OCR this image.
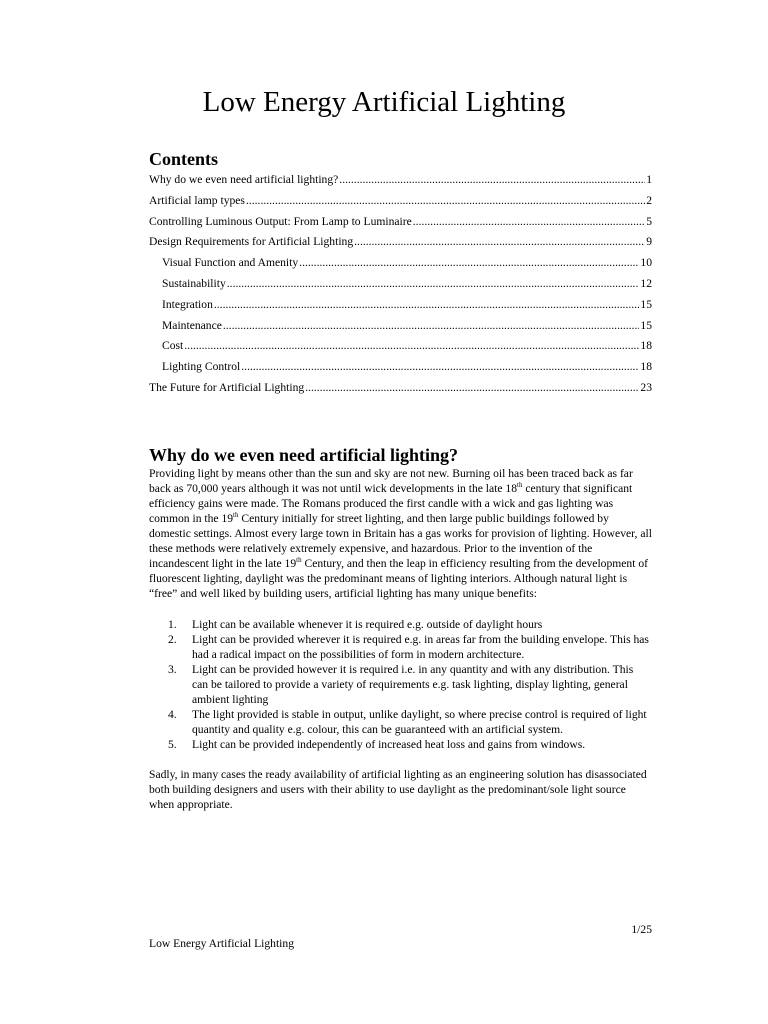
Low Energy Artificial Lighting
Contents
Why do we even need artificial lighting? .....	1
Artificial lamp types .....	2
Controlling Luminous Output: From Lamp to Luminaire .....	5
Design Requirements for Artificial Lighting .....	9
Visual Function and Amenity .....	10
Sustainability .....	12
Integration .....	15
Maintenance .....	15
Cost .....	18
Lighting Control .....	18
The Future for Artificial Lighting .....	23
Why do we even need artificial lighting?

Providing light by means other than the sun and sky are not new. Burning oil has been traced back as far back as 70,000 years although it was not until wick developments in the late 18th century that significant efficiency gains were made. The Romans produced the first candle with a wick and gas lighting was common in the 19th Century initially for street lighting, and then large public buildings followed by domestic settings. Almost every large town in Britain has a gas works for provision of lighting. However, all these methods were relatively extremely expensive, and hazardous. Prior to the invention of the incandescent light in the late 19th Century, and then the leap in efficiency resulting from the development of fluorescent lighting, daylight was the predominant means of lighting interiors. Although natural light is “free” and well liked by building users, artificial lighting has many unique benefits:

1.	Light can be available whenever it is required e.g. outside of daylight hours
2.	Light can be provided wherever it is required e.g. in areas far from the building envelope. This has had a radical impact on the possibilities of form in modern architecture.
3.	Light can be provided however it is required i.e. in any quantity and with any distribution. This can be tailored to provide a variety of requirements e.g. task lighting, display lighting, general ambient lighting
4.	The light provided is stable in output, unlike daylight, so where precise control is required of light quantity and quality e.g. colour, this can be guaranteed with an artificial system.
5.	Light can be provided independently of increased heat loss and gains from windows.

Sadly, in many cases the ready availability of artificial lighting as an engineering solution has disassociated both building designers and users with their ability to use daylight as the predominant/sole light source when appropriate.

1/25
Low Energy Artificial Lighting
